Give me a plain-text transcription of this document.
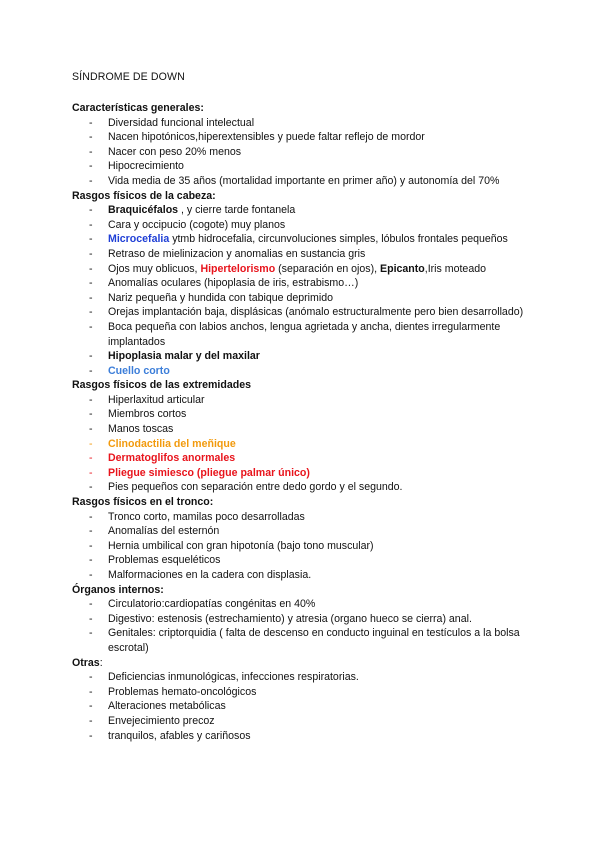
SÍNDROME DE DOWN
Características generales:
- Diversidad funcional intelectual
- Nacen hipotónicos,hiperextensibles y puede faltar reflejo de mordor
- Nacer con peso 20% menos
- Hipocrecimiento
- Vida media de 35 años (mortalidad importante en primer año) y autonomía del 70%
Rasgos físicos de la cabeza:
- Braquicéfalos , y cierre tarde fontanela
- Cara y occipucio (cogote) muy planos
- Microcefalia ytmb hidrocefalia, circunvoluciones simples, lóbulos frontales pequeños
- Retraso de mielinizacion y anomalias en sustancia gris
- Ojos muy oblicuos, Hipertelorismo (separación en ojos), Epicanto,Iris moteado
- Anomalías oculares (hipoplasia de iris, estrabismo…)
- Nariz pequeña y hundida con tabique deprimido
- Orejas implantación baja, displásicas (anómalo estructuralmente pero bien desarrollado)
- Boca pequeña con labios anchos, lengua agrietada y ancha, dientes irregularmente implantados
- Hipoplasia malar y del maxilar
- Cuello corto
Rasgos físicos de las extremidades
- Hiperlaxitud articular
- Miembros cortos
- Manos toscas
- Clinodactilia del meñique
- Dermatoglifos anormales
- Pliegue simiesco (pliegue palmar único)
- Pies pequeños con separación entre dedo gordo y el segundo.
Rasgos físicos en el tronco:
- Tronco corto, mamilas poco desarrolladas
- Anomalías del esternón
- Hernia umbilical con gran hipotonía (bajo tono muscular)
- Problemas esqueléticos
- Malformaciones en la cadera con displasia.
Órganos internos:
- Circulatorio:cardiopatías congénitas en 40%
- Digestivo: estenosis (estrechamiento) y atresia (organo hueco se cierra) anal.
- Genitales: criptorquidia ( falta de descenso en conducto inguinal en testículos a la bolsa escrotal)
Otras:
- Deficiencias inmunológicas, infecciones respiratorias.
- Problemas hemato-oncológicos
- Alteraciones metabólicas
- Envejecimiento precoz
- tranquilos, afables y cariñosos
